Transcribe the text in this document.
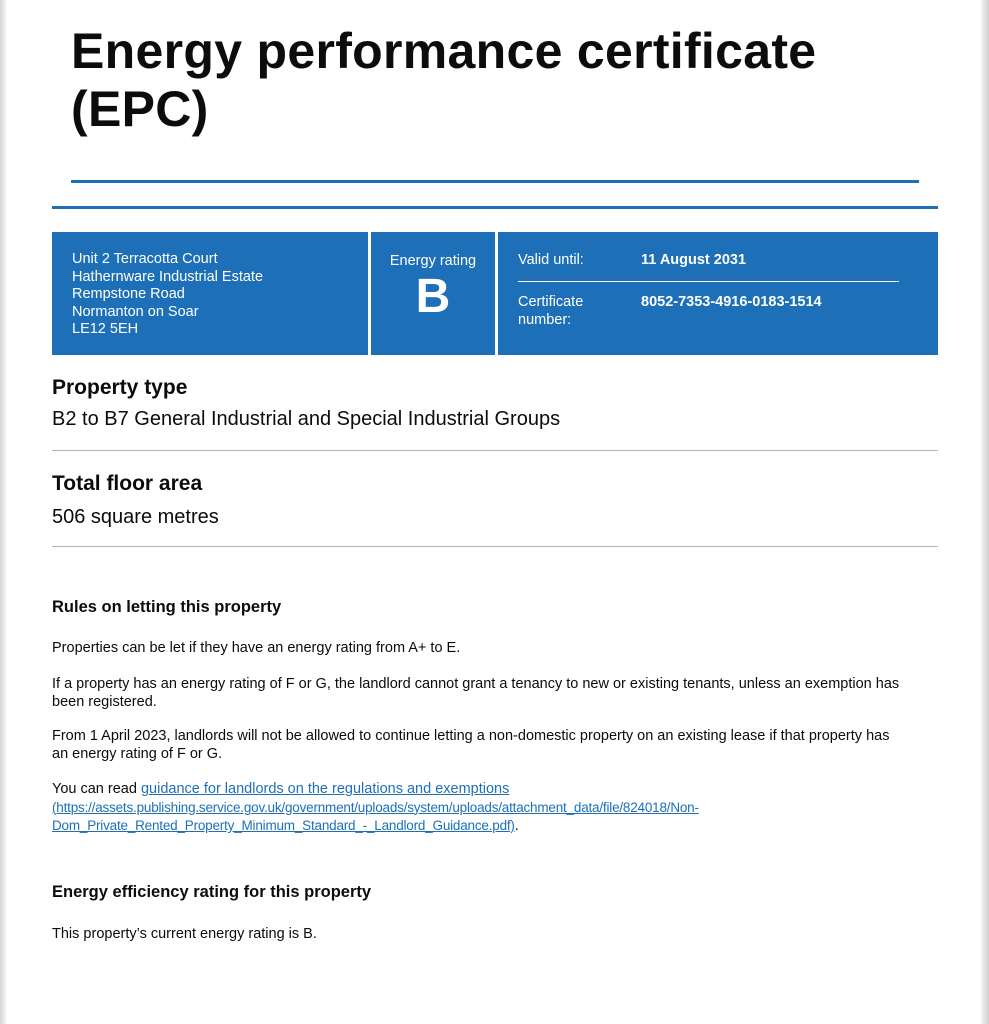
Energy performance certificate (EPC)
Unit 2 Terracotta Court
Hathernware Industrial Estate
Rempstone Road
Normanton on Soar
LE12 5EH
Energy rating
B
Valid until:	11 August 2031
Certificate number:
8052-7353-4916-0183-1514
Property type

B2 to B7 General Industrial and Special Industrial Groups

Total floor area

506 square metres

Rules on letting this property

Properties can be let if they have an energy rating from A+ to E.

If a property has an energy rating of F or G, the landlord cannot grant a tenancy to new or existing tenants, unless an exemption has been registered.

From 1 April 2023, landlords will not be allowed to continue letting a non-domestic property on an existing lease if that property has an energy rating of F or G.

You can read guidance for landlords on the regulations and exemptions
(https://assets.publishing.service.gov.uk/government/uploads/system/uploads/attachment_data/file/824018/Non-Dom_Private_Rented_Property_Minimum_Standard_-_Landlord_Guidance.pdf).

Energy efficiency rating for this property

This property’s current energy rating is B.
